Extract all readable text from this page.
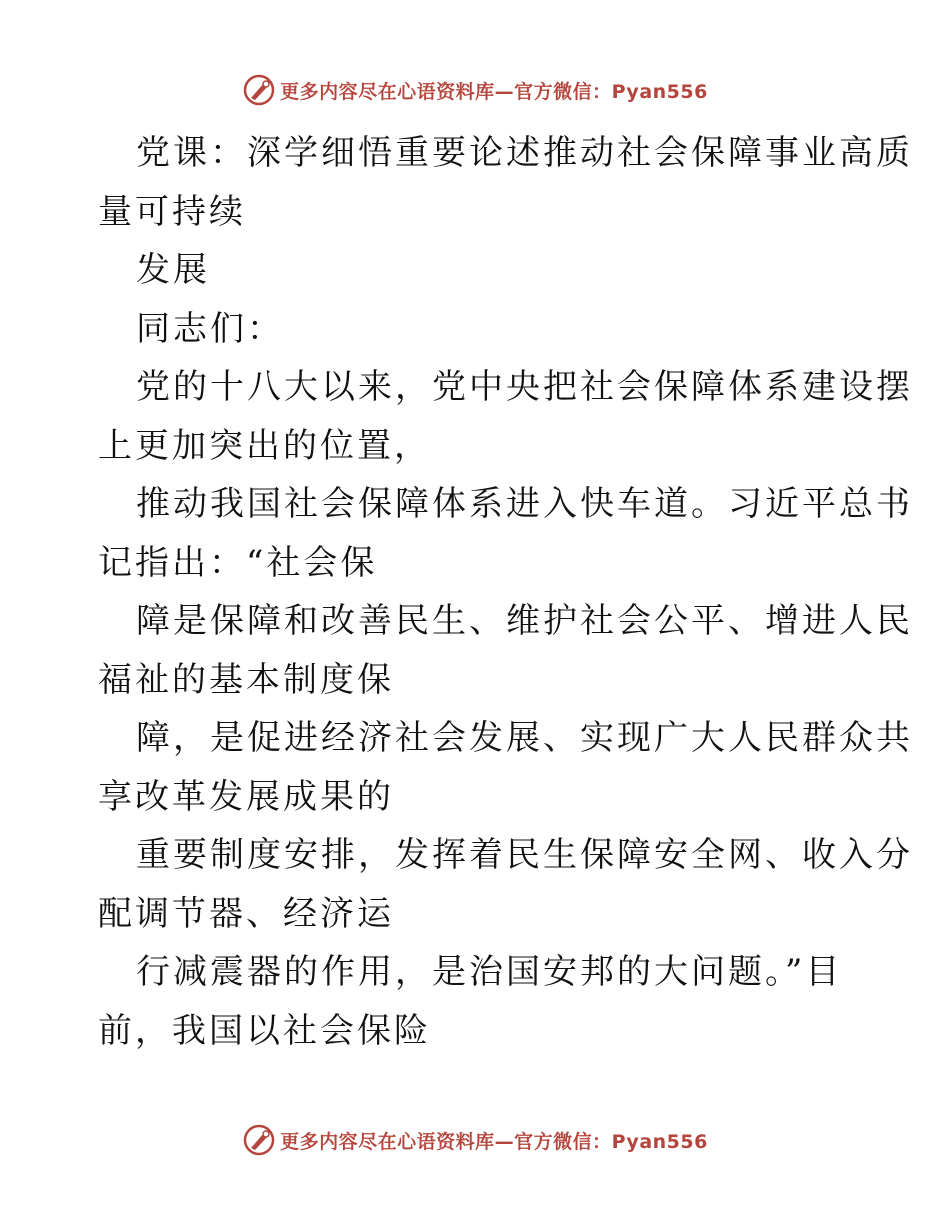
更多内容尽在心语资料库—官方微信：Pyan556

党课：深学细悟重要论述推动社会保障事业高质

量可持续

发展

同志们：

党的十八大以来，党中央把社会保障体系建设摆

上更加突出的位置，

推动我国社会保障体系进入快车道。习近平总书

记指出：“社会保

障是保障和改善民生、维护社会公平、增进人民

福祉的基本制度保

障，是促进经济社会发展、实现广大人民群众共

享改革发展成果的

重要制度安排，发挥着民生保障安全网、收入分

配调节器、经济运

行减震器的作用，是治国安邦的大问题。”目

前，我国以社会保险

更多内容尽在心语资料库—官方微信：Pyan556
